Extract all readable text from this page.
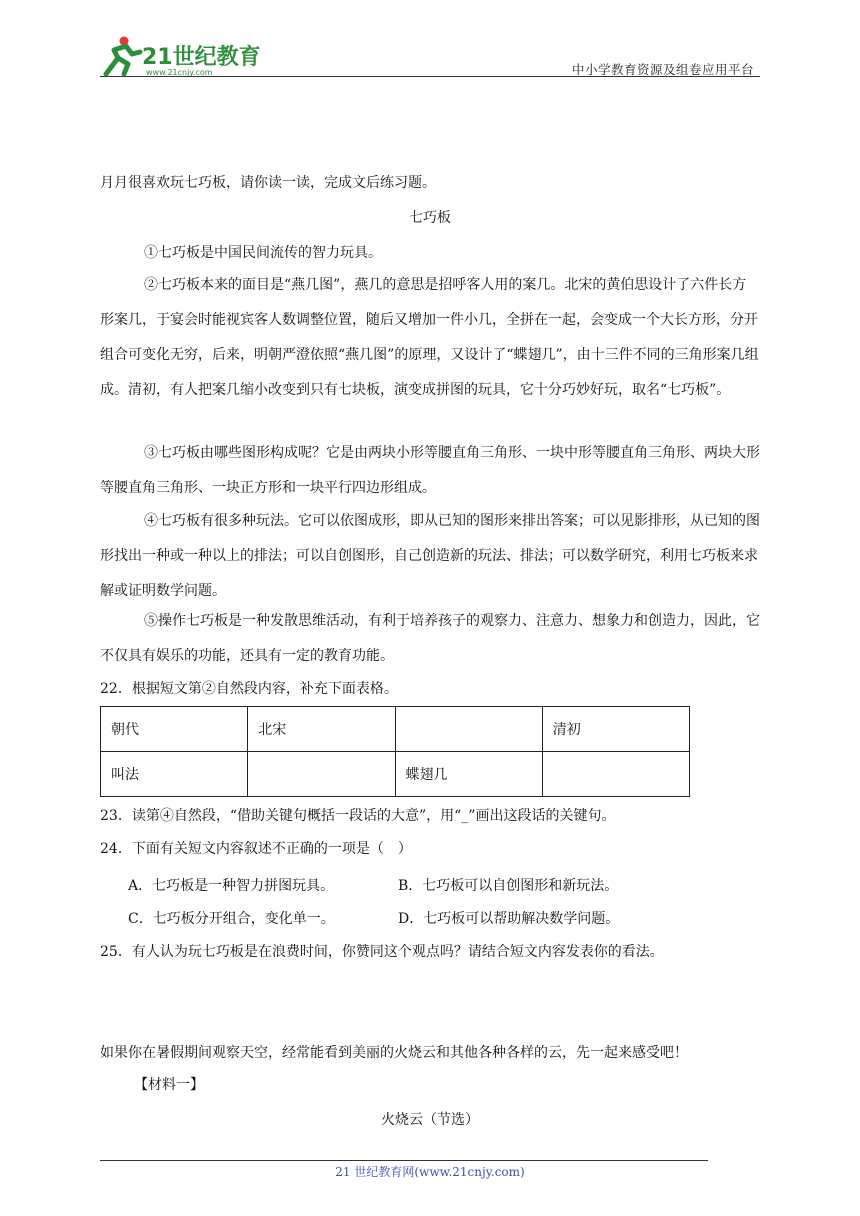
21世纪教育
www.21cnjy.com	中小学教育资源及组卷应用平台
月月很喜欢玩七巧板，请你读一读，完成文后练习题。
七巧板
①七巧板是中国民间流传的智力玩具。
②七巧板本来的面目是“燕几图”，燕几的意思是招呼客人用的案几。北宋的黄伯思设计了六件长方形案几，于宴会时能视宾客人数调整位置，随后又增加一件小几，全拼在一起，会变成一个大长方形，分开组合可变化无穷，后来，明朝严澄依照“燕几图”的原理，又设计了“蝶翅几”，由十三件不同的三角形案几组成。清初，有人把案几缩小改变到只有七块板，演变成拼图的玩具，它十分巧妙好玩，取名“七巧板”。
③七巧板由哪些图形构成呢？它是由两块小形等腰直角三角形、一块中形等腰直角三角形、两块大形等腰直角三角形、一块正方形和一块平行四边形组成。
④七巧板有很多种玩法。它可以依图成形，即从已知的图形来排出答案；可以见影排形，从已知的图形找出一种或一种以上的排法；可以自创图形，自己创造新的玩法、排法；可以数学研究，利用七巧板来求解或证明数学问题。
⑤操作七巧板是一种发散思维活动，有利于培养孩子的观察力、注意力、想象力和创造力，因此，它不仅具有娱乐的功能，还具有一定的教育功能。
22．根据短文第②自然段内容，补充下面表格。
朝代	北宋		清初
叫法		蝶翅几	
23．读第④自然段，“借助关键句概括一段话的大意”，用“_”画出这段话的关键句。
24．下面有关短文内容叙述不正确的一项是（　）
A．七巧板是一种智力拼图玩具。	B．七巧板可以自创图形和新玩法。
C．七巧板分开组合，变化单一。	D．七巧板可以帮助解决数学问题。
25．有人认为玩七巧板是在浪费时间，你赞同这个观点吗？请结合短文内容发表你的看法。
如果你在暑假期间观察天空，经常能看到美丽的火烧云和其他各种各样的云，先一起来感受吧！
【材料一】
火烧云（节选）
21 世纪教育网(www.21cnjy.com)
